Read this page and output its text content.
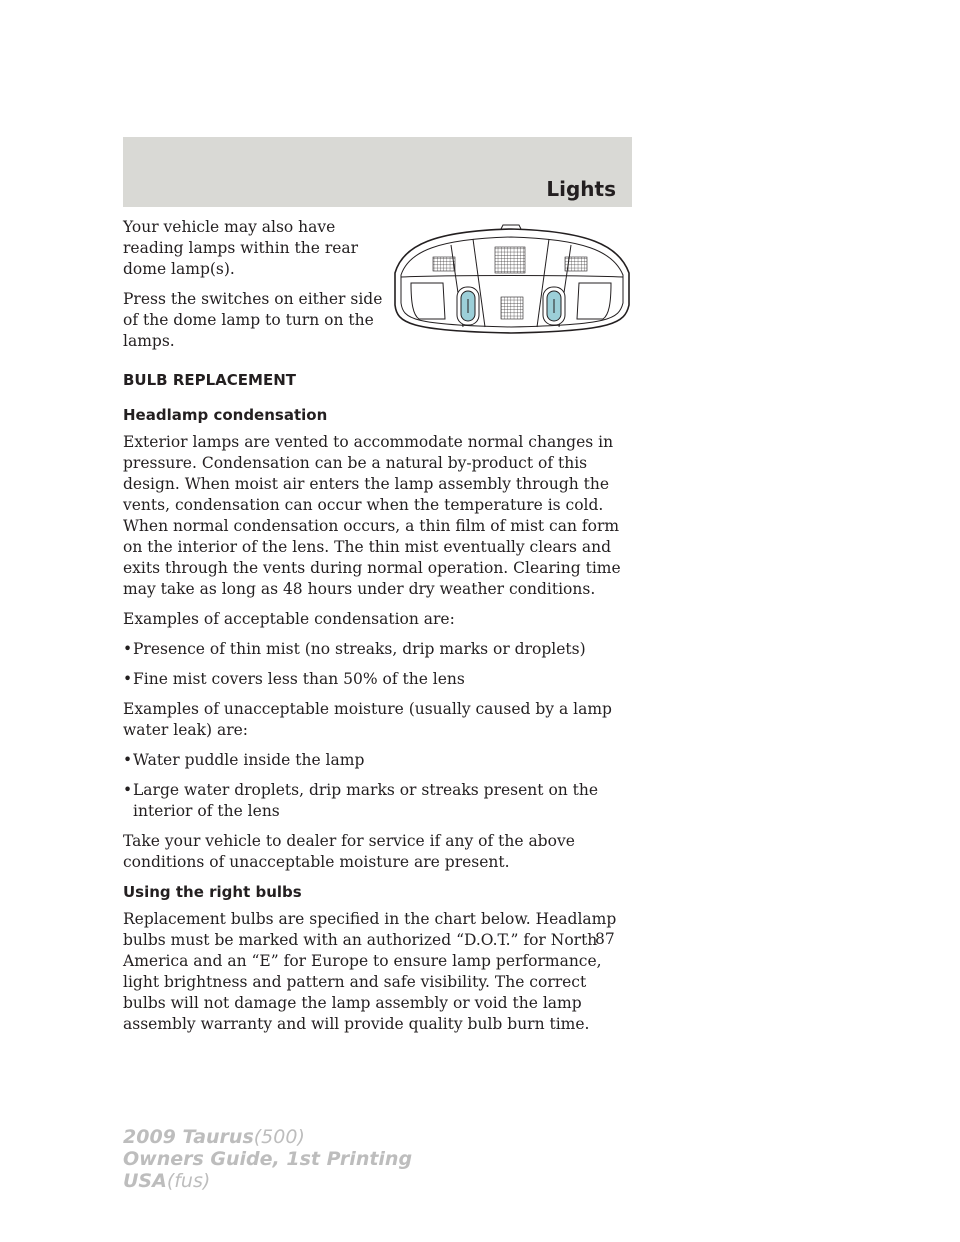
Lights

Your vehicle may also have reading lamps within the rear dome lamp(s).

Press the switches on either side of the dome lamp to turn on the lamps.

BULB REPLACEMENT
Headlamp condensation

Exterior lamps are vented to accommodate normal changes in pressure. Condensation can be a natural by-product of this design. When moist air enters the lamp assembly through the vents, condensation can occur when the temperature is cold. When normal condensation occurs, a thin film of mist can form on the interior of the lens. The thin mist eventually clears and exits through the vents during normal operation. Clearing time may take as long as 48 hours under dry weather conditions.

Examples of acceptable condensation are:

• Presence of thin mist (no streaks, drip marks or droplets)
• Fine mist covers less than 50% of the lens

Examples of unacceptable moisture (usually caused by a lamp water leak) are:

• Water puddle inside the lamp
• Large water droplets, drip marks or streaks present on the interior of the lens

Take your vehicle to dealer for service if any of the above conditions of unacceptable moisture are present.

Using the right bulbs

Replacement bulbs are specified in the chart below. Headlamp bulbs must be marked with an authorized “D.O.T.” for North America and an “E” for Europe to ensure lamp performance, light brightness and pattern and safe visibility. The correct bulbs will not damage the lamp assembly or void the lamp assembly warranty and will provide quality bulb burn time.

87
2009 Taurus(500)
Owners Guide, 1st Printing
USA(fus)
